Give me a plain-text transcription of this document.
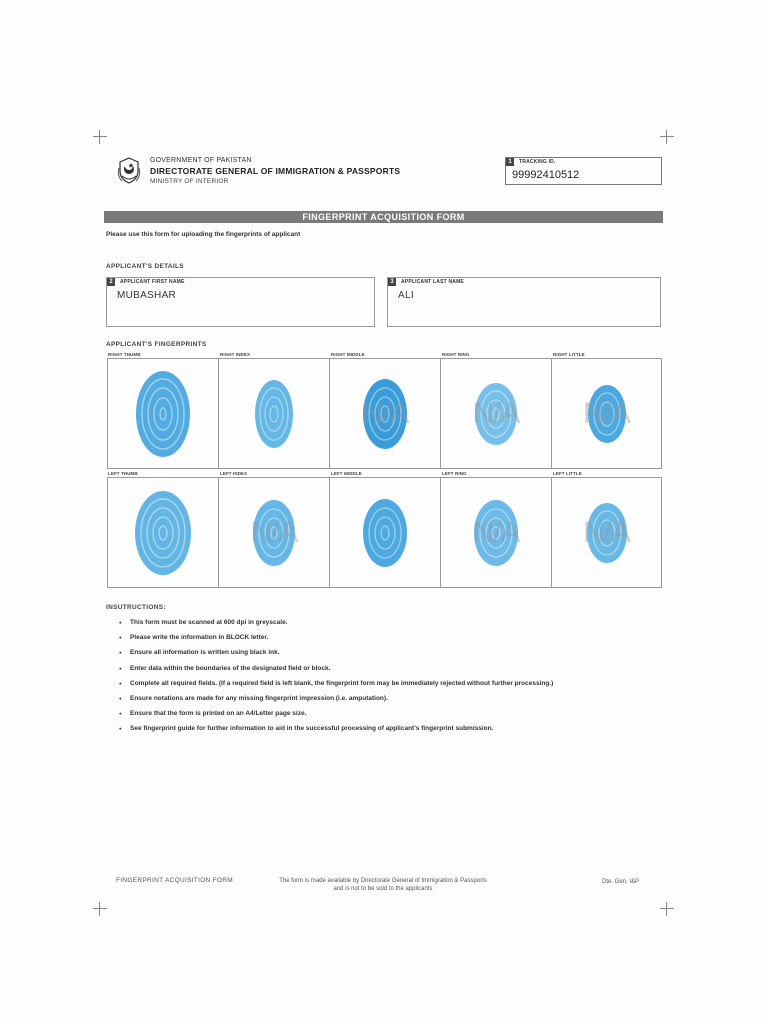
GOVERNMENT OF PAKISTAN
DIRECTORATE GENERAL OF IMMIGRATION & PASSPORTS
MINISTRY OF INTERIOR
1	TRACKING ID.
99992410512
FINGERPRINT ACQUISITION FORM
Please use this form for uploading the fingerprints of applicant
APPLICANT'S DETAILS
2	APPLICANT FIRST NAME
MUBASHAR
3	APPLICANT LAST NAME
ALI
APPLICANT'S FINGERPRINTS
RIGHT THUMB	RIGHT INDEX	RIGHT MIDDLE	RIGHT RING	RIGHT LITTLE
N/A N/A N/A
LEFT THUMB	LEFT INDEX	LEFT MIDDLE	LEFT RING	LEFT LITTLE
N/A	N/A N/A
INSUTRUCTIONS:
● This form must be scanned at 600 dpi in greyscale.
● Please write the information in BLOCK letter.
● Ensure all information is written using black ink.
● Enter data within the boundaries of the designated field or block.
● Complete all required fields. (If a required field is left blank, the fingerprint form may be immediately rejected without further processing.)
● Ensure notations are made for any missing fingerprint impression (i.e. amputation).
● Ensure that the form is printed on an A4/Letter page size.
● See fingerprint guide for further information to aid in the successful processing of applicant's fingerprint submission.
FINGERPRINT ACQUISITION FORM	The form is made available by Directorate General of Immigration & Passports
and is not to be sold to the applicants
Dte. Gen. I&P
